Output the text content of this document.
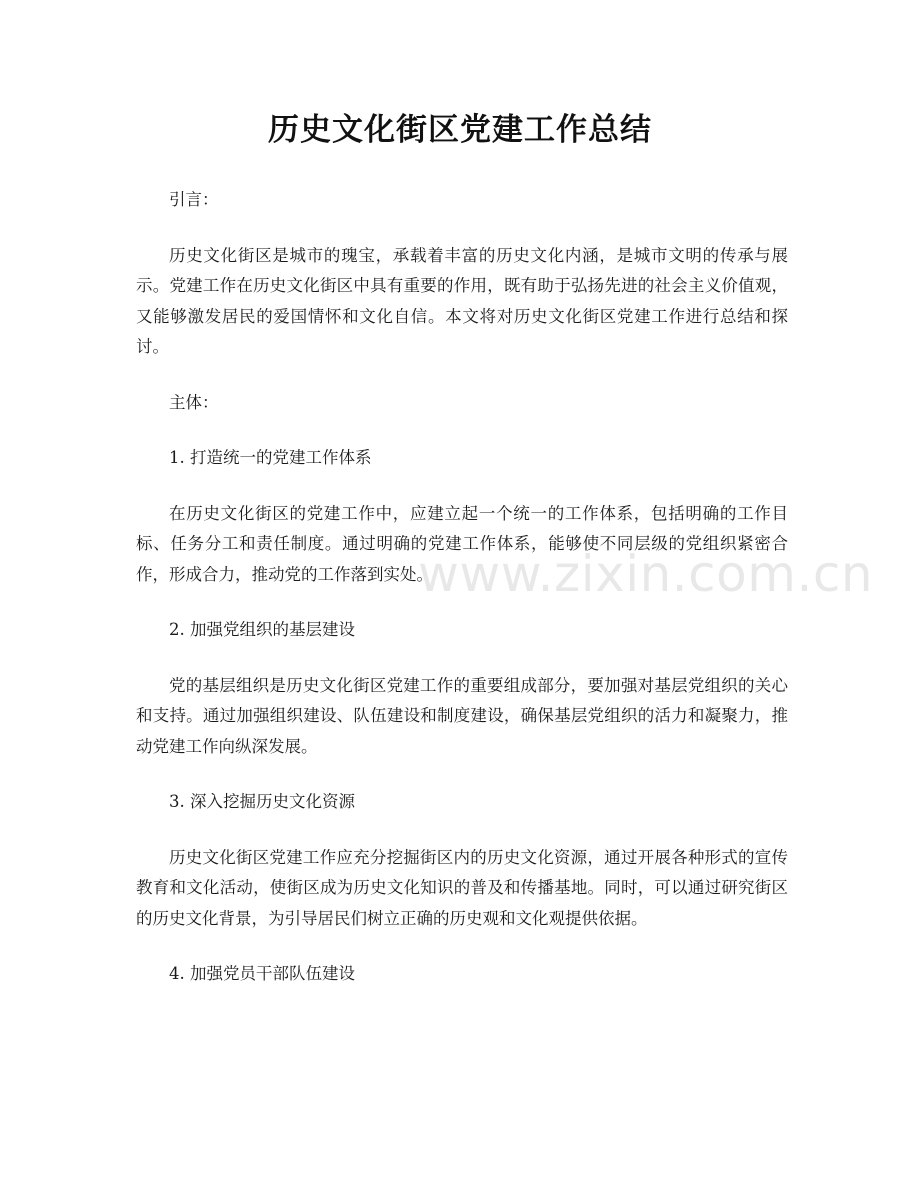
历史文化街区党建工作总结

引言：

历史文化街区是城市的瑰宝，承载着丰富的历史文化内涵，是城市文明的传承与展示。党建工作在历史文化街区中具有重要的作用，既有助于弘扬先进的社会主义价值观，又能够激发居民的爱国情怀和文化自信。本文将对历史文化街区党建工作进行总结和探讨。

主体：

1. 打造统一的党建工作体系

在历史文化街区的党建工作中，应建立起一个统一的工作体系，包括明确的工作目标、任务分工和责任制度。通过明确的党建工作体系，能够使不同层级的党组织紧密合作，形成合力，推动党的工作落到实处。

2. 加强党组织的基层建设

党的基层组织是历史文化街区党建工作的重要组成部分，要加强对基层党组织的关心和支持。通过加强组织建设、队伍建设和制度建设，确保基层党组织的活力和凝聚力，推动党建工作向纵深发展。

3. 深入挖掘历史文化资源

历史文化街区党建工作应充分挖掘街区内的历史文化资源，通过开展各种形式的宣传教育和文化活动，使街区成为历史文化知识的普及和传播基地。同时，可以通过研究街区的历史文化背景，为引导居民们树立正确的历史观和文化观提供依据。

4. 加强党员干部队伍建设

www.zixin.com.cn
